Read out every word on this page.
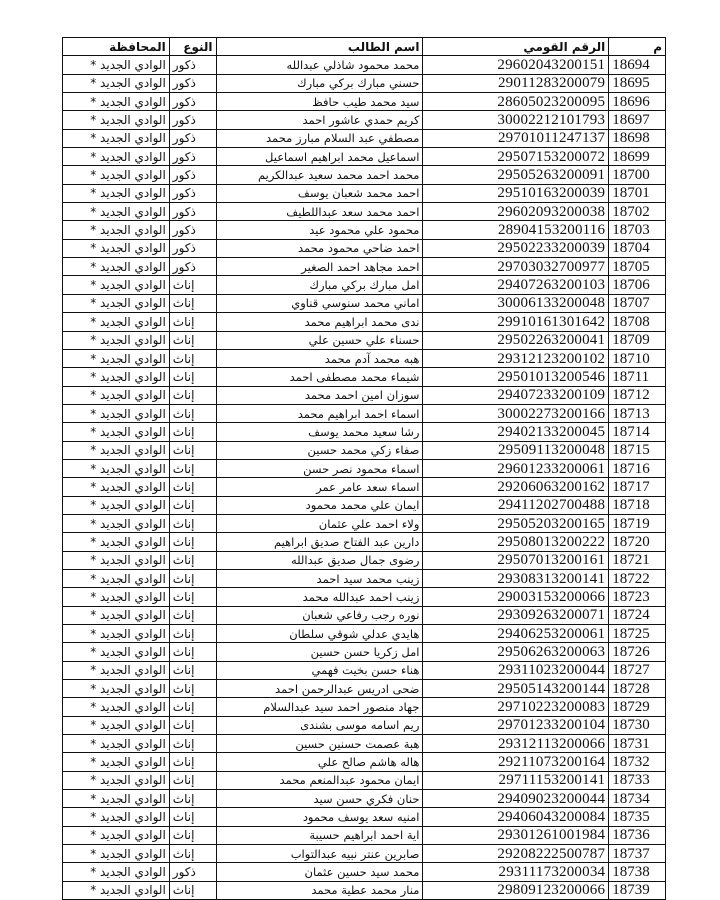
المحافظة	النوع	اسم الطالب	الرقم القومي	م
الوادي الجديد *	ذكور	محمد محمود شاذلي عبدالله	29602043200151	18694
الوادي الجديد *	ذكور	حسني مبارك بركي مبارك	29011283200079	18695
الوادي الجديد *	ذكور	سيد محمد طيب حافظ	28605023200095	18696
الوادي الجديد *	ذكور	كريم حمدي عاشور احمد	30002212101793	18697
الوادي الجديد *	ذكور	مصطفي عبد السلام مبارز محمد	29701011247137	18698
الوادي الجديد *	ذكور	اسماعيل محمد ابراهيم اسماعيل	29507153200072	18699
الوادي الجديد *	ذكور	محمد احمد محمد سعيد عبدالكريم	29505263200091	18700
الوادي الجديد *	ذكور	احمد محمد شعبان يوسف	29510163200039	18701
الوادي الجديد *	ذكور	احمد محمد سعد عبداللطيف	29602093200038	18702
الوادي الجديد *	ذكور	محمود علي محمود عيد	28904153200116	18703
الوادي الجديد *	ذكور	احمد ضاحي محمود محمد	29502233200039	18704
الوادي الجديد *	ذكور	احمد مجاهد احمد الصغير	29703032700977	18705
الوادي الجديد *	إناث	امل مبارك بركي مبارك	29407263200103	18706
الوادي الجديد *	إناث	اماني محمد سنوسي قناوي	30006133200048	18707
الوادي الجديد *	إناث	ندى محمد ابراهيم محمد	29910161301642	18708
الوادي الجديد *	إناث	حسناء علي حسين علي	29502263200041	18709
الوادي الجديد *	إناث	هبه محمد آدم محمد	29312123200102	18710
الوادي الجديد *	إناث	شيماء محمد مصطفى احمد	29501013200546	18711
الوادي الجديد *	إناث	سوزان امين احمد محمد	29407233200109	18712
الوادي الجديد *	إناث	اسماء احمد ابراهيم محمد	30002273200166	18713
الوادي الجديد *	إناث	رشا سعيد محمد يوسف	29402133200045	18714
الوادي الجديد *	إناث	صفاء زكي محمد حسين	29509113200048	18715
الوادي الجديد *	إناث	اسماء محمود نصر حسن	29601233200061	18716
الوادي الجديد *	إناث	اسماء سعد عامر عمر	29206063200162	18717
الوادي الجديد *	إناث	ايمان علي محمد محمود	29411202700488	18718
الوادي الجديد *	إناث	ولاء احمد علي عثمان	29505203200165	18719
الوادي الجديد *	إناث	دارين عبد الفتاح صديق ابراهيم	29508013200222	18720
الوادي الجديد *	إناث	رضوى جمال صديق عبدالله	29507013200161	18721
الوادي الجديد *	إناث	زينب محمد سيد احمد	29308313200141	18722
الوادي الجديد *	إناث	زينب احمد عبدالله محمد	29003153200066	18723
الوادي الجديد *	إناث	نوره رجب رفاعي شعبان	29309263200071	18724
الوادي الجديد *	إناث	هايدي عدلي شوقي سلطان	29406253200061	18725
الوادي الجديد *	إناث	امل زكريا حسن حسين	29506263200063	18726
الوادي الجديد *	إناث	هناء حسن بخيت فهمي	29311023200044	18727
الوادي الجديد *	إناث	ضحى ادريس عبدالرحمن احمد	29505143200144	18728
الوادي الجديد *	إناث	جهاد منصور احمد سيد عبدالسلام	29710223200083	18729
الوادي الجديد *	إناث	ريم اسامه موسى بشندى	29701233200104	18730
الوادي الجديد *	إناث	هبة عصمت حسنين حسين	29312113200066	18731
الوادي الجديد *	إناث	هاله هاشم صالح علي	29211073200164	18732
الوادي الجديد *	إناث	ايمان محمود عبدالمنعم محمد	29711153200141	18733
الوادي الجديد *	إناث	حنان فكري حسن سيد	29409023200044	18734
الوادي الجديد *	إناث	امنيه سعد يوسف محمود	29406043200084	18735
الوادي الجديد *	إناث	اية احمد ابراهيم حسيبة	29301261001984	18736
الوادي الجديد *	إناث	صابرين عنتر نبيه عبدالتواب	29208222500787	18737
الوادي الجديد *	ذكور	محمد سيد حسين عثمان	29311173200034	18738
الوادي الجديد *	إناث	منار محمد عطية محمد	29809123200066	18739
